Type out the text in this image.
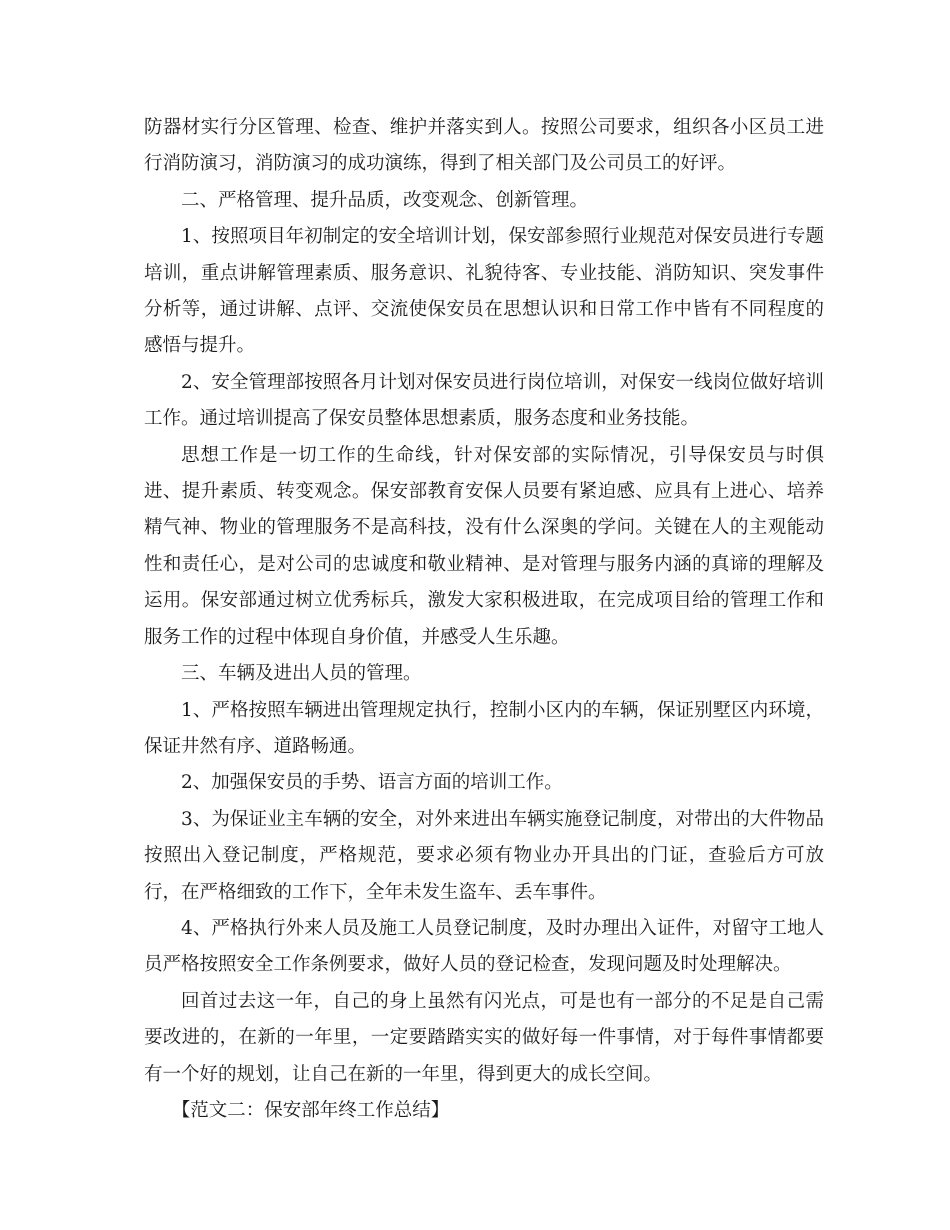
防器材实行分区管理、检查、维护并落实到人。按照公司要求，组织各小区员工进行消防演习，消防演习的成功演练，得到了相关部门及公司员工的好评。

二、严格管理、提升品质，改变观念、创新管理。

1、按照项目年初制定的安全培训计划，保安部参照行业规范对保安员进行专题培训，重点讲解管理素质、服务意识、礼貌待客、专业技能、消防知识、突发事件分析等，通过讲解、点评、交流使保安员在思想认识和日常工作中皆有不同程度的感悟与提升。

2、安全管理部按照各月计划对保安员进行岗位培训，对保安一线岗位做好培训工作。通过培训提高了保安员整体思想素质，服务态度和业务技能。

思想工作是一切工作的生命线，针对保安部的实际情况，引导保安员与时俱进、提升素质、转变观念。保安部教育安保人员要有紧迫感、应具有上进心、培养精气神、物业的管理服务不是高科技，没有什么深奥的学问。关键在人的主观能动性和责任心，是对公司的忠诚度和敬业精神、是对管理与服务内涵的真谛的理解及运用。保安部通过树立优秀标兵，激发大家积极进取，在完成项目给的管理工作和服务工作的过程中体现自身价值，并感受人生乐趣。

三、车辆及进出人员的管理。

1、严格按照车辆进出管理规定执行，控制小区内的车辆，保证别墅区内环境，保证井然有序、道路畅通。

2、加强保安员的手势、语言方面的培训工作。

3、为保证业主车辆的安全，对外来进出车辆实施登记制度，对带出的大件物品按照出入登记制度，严格规范，要求必须有物业办开具出的门证，查验后方可放行，在严格细致的工作下，全年未发生盗车、丢车事件。

4、严格执行外来人员及施工人员登记制度，及时办理出入证件，对留守工地人员严格按照安全工作条例要求，做好人员的登记检查，发现问题及时处理解决。

回首过去这一年，自己的身上虽然有闪光点，可是也有一部分的不足是自己需要改进的，在新的一年里，一定要踏踏实实的做好每一件事情，对于每件事情都要有一个好的规划，让自己在新的一年里，得到更大的成长空间。

【范文二：保安部年终工作总结】
